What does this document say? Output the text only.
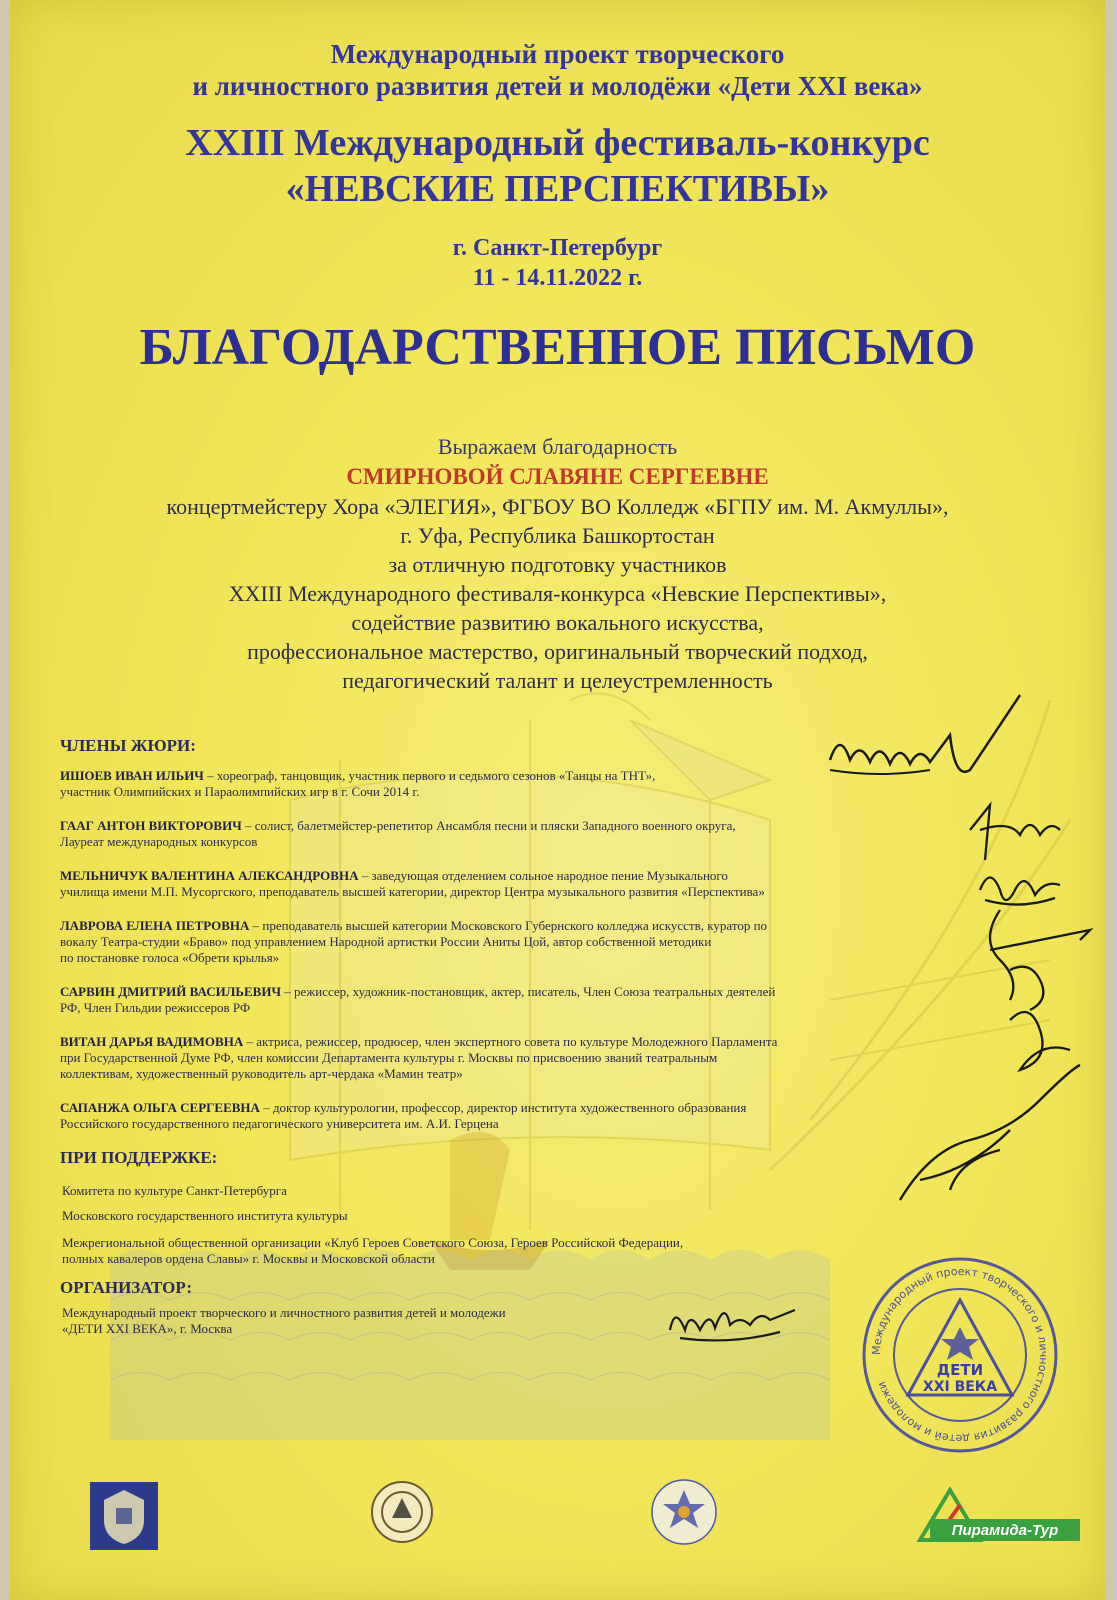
Международный проект творческого
и личностного развития детей и молодёжи «Дети XXI века»
XXIII Международный фестиваль-конкурс
«НЕВСКИЕ ПЕРСПЕКТИВЫ»
г. Санкт-Петербург
11 - 14.11.2022 г.
БЛАГОДАРСТВЕННОЕ ПИСЬМО
Выражаем благодарность
СМИРНОВОЙ СЛАВЯНЕ СЕРГЕЕВНЕ
концертмейстеру Хора «ЭЛЕГИЯ», ФГБОУ ВО Колледж «БГПУ им. М. Акмуллы»,
г. Уфа, Республика Башкортостан
за отличную подготовку участников
XXIII Международного фестиваля-конкурса «Невские Перспективы»,
содействие развитию вокального искусства,
профессиональное мастерство, оригинальный творческий подход,
педагогический талант и целеустремленность
ЧЛЕНЫ ЖЮРИ:
ИШОЕВ ИВАН ИЛЬИЧ – хореограф, танцовщик, участник первого и седьмого сезонов «Танцы на ТНТ»,
участник Олимпийских и Параолимпийских игр в г. Сочи 2014 г.
ГААГ АНТОН ВИКТОРОВИЧ – солист, балетмейстер-репетитор Ансамбля песни и пляски Западного военного округа,
Лауреат международных конкурсов
МЕЛЬНИЧУК ВАЛЕНТИНА АЛЕКСАНДРОВНА – заведующая отделением сольное народное пение Музыкального
училища имени М.П. Мусоргского, преподаватель высшей категории, директор Центра музыкального развития «Перспектива»
ЛАВРОВА ЕЛЕНА ПЕТРОВНА – преподаватель высшей категории Московского Губернского колледжа искусств, куратор по
вокалу Театра-студии «Браво» под управлением Народной артистки России Аниты Цой, автор собственной методики
по постановке голоса «Обрети крылья»
САРВИН ДМИТРИЙ ВАСИЛЬЕВИЧ – режиссер, художник-постановщик, актер, писатель, Член Союза театральных деятелей
РФ, Член Гильдии режиссеров РФ
ВИТАН ДАРЬЯ ВАДИМОВНА – актриса, режиссер, продюсер, член экспертного совета по культуре Молодежного Парламента
при Государственной Думе РФ, член комиссии Департамента культуры г. Москвы по присвоению званий театральным
коллективам, художественный руководитель арт-чердака «Мамин театр»
САПАНЖА ОЛЬГА СЕРГЕЕВНА – доктор культурологии, профессор, директор института художественного образования
Российского государственного педагогического университета им. А.И. Герцена
ПРИ ПОДДЕРЖКЕ:
Комитета по культуре Санкт-Петербурга
Московского государственного института культуры
Межрегиональной общественной организации «Клуб Героев Советского Союза, Героев Российской Федерации,
полных кавалеров ордена Славы» г. Москвы и Московской области
ОРГАНИЗАТОР:
Международный проект творческого и личностного развития детей и молодежи
«ДЕТИ XXI ВЕКА», г. Москва
Международный проект творческого и личностного развития детей и молодежи
ДЕТИ
XXI ВЕКА
Пирамида-Тур
